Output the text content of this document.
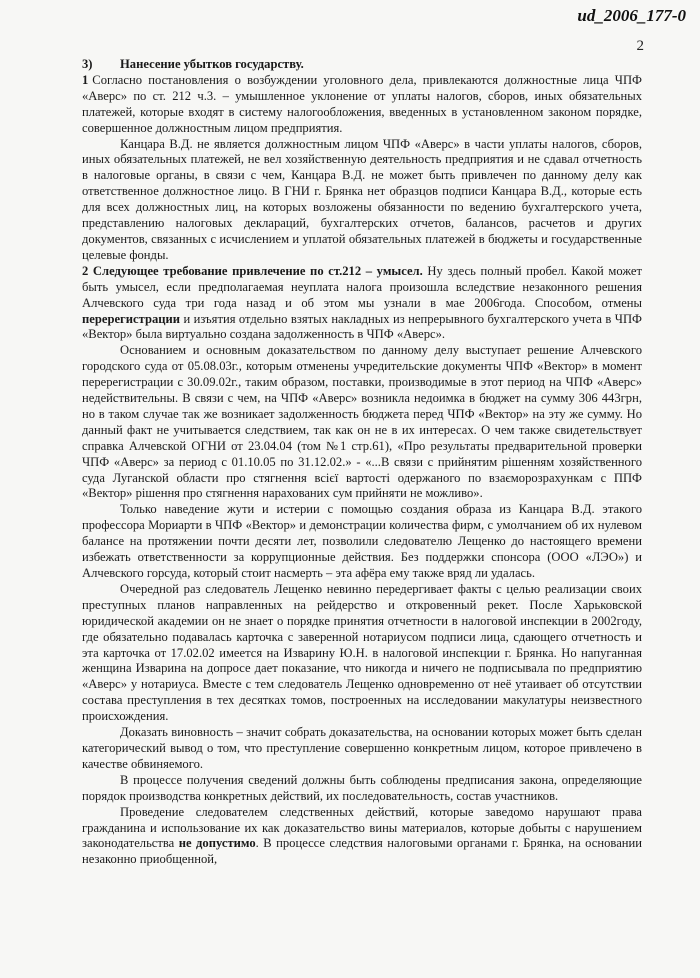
ud_2006_177-0
2

3) Нанесение убытков государству.

1 Согласно постановления о возбуждении уголовного дела, привлекаются должностные лица ЧПФ «Аверс» по ст. 212 ч.3. – умышленное уклонение от уплаты налогов, сборов, иных обязательных платежей, которые входят в систему налогообложения, введенных в установленном законом порядке, совершенное должностным лицом предприятия.

Канцара В.Д. не является должностным лицом ЧПФ «Аверс» в части уплаты налогов, сборов, иных обязательных платежей, не вел хозяйственную деятельность предприятия и не сдавал отчетность в налоговые органы, в связи с чем, Канцара В.Д. не может быть привлечен по данному делу как ответственное должностное лицо. В ГНИ г. Брянка нет образцов подписи Канцара В.Д., которые есть для всех должностных лиц, на которых возложены обязанности по ведению бухгалтерского учета, представлению налоговых деклараций, бухгалтерских отчетов, балансов, расчетов и других документов, связанных с исчислением и уплатой обязательных платежей в бюджеты и государственные целевые фонды.

2 Следующее требование привлечение по ст.212 – умысел. Ну здесь полный пробел. Какой может быть умысел, если предполагаемая неуплата налога произошла вследствие незаконного решения Алчевского суда три года назад и об этом мы узнали в мае 2006года. Способом, отмены перерегистрации и изъятия отдельно взятых накладных из непрерывного бухгалтерского учета в ЧПФ «Вектор» была виртуально создана задолженность в ЧПФ «Аверс».

Основанием и основным доказательством по данному делу выступает решение Алчевского городского суда от 05.08.03г., которым отменены учредительские документы ЧПФ «Вектор» в момент перерегистрации с 30.09.02г., таким образом, поставки, производимые в этот период на ЧПФ «Аверс» недействительны. В связи с чем, на ЧПФ «Аверс» возникла недоимка в бюджет на сумму 306 443грн, но в таком случае так же возникает задолженность бюджета перед ЧПФ «Вектор» на эту же сумму. Но данный факт не учитывается следствием, так как он не в их интересах. О чем также свидетельствует справка Алчевской ОГНИ от 23.04.04 (том №1 стр.61), «Про результаты предварительной проверки ЧПФ «Аверс» за период с 01.10.05 по 31.12.02.» - «...В связи с прийнятим рішенням хозяйственного суда Луганской области про стягнення всієї вартості одержаного по взаєморозрахункам с ППФ «Вектор» рішення про стягнення нарахованих сум прийняти не можливо».

Только наведение жути и истерии с помощью создания образа из Канцара В.Д. этакого профессора Мориарти в ЧПФ «Вектор» и демонстрации количества фирм, с умолчанием об их нулевом балансе на протяжении почти десяти лет, позволили следователю Лещенко до настоящего времени избежать ответственности за коррупционные действия. Без поддержки спонсора (ООО «ЛЭО») и Алчевского горсуда, который стоит насмерть – эта афёра ему также вряд ли удалась.

Очередной раз следователь Лещенко невинно передергивает факты с целью реализации своих преступных планов направленных на рейдерство и откровенный рекет. После Харьковской юридической академии он не знает о порядке принятия отчетности в налоговой инспекции в 2002году, где обязательно подавалась карточка с заверенной нотариусом подписи лица, сдающего отчетность и эта карточка от 17.02.02 имеется на Изварину Ю.Н. в налоговой инспекции г. Брянка. Но напуганная женщина Изварина на допросе дает показание, что никогда и ничего не подписывала по предприятию «Аверс» у нотариуса. Вместе с тем следователь Лещенко одновременно от неё утаивает об отсутствии состава преступления в тех десятках томов, построенных на исследовании макулатуры неизвестного происхождения.

Доказать виновность – значит собрать доказательства, на основании которых может быть сделан категорический вывод о том, что преступление совершенно конкретным лицом, которое привлечено в качестве обвиняемого.

В процессе получения сведений должны быть соблюдены предписания закона, определяющие порядок производства конкретных действий, их последовательность, состав участников.

Проведение следователем следственных действий, которые заведомо нарушают права гражданина и использование их как доказательство вины материалов, которые добыты с нарушением законодательства не допустимо. В процессе следствия налоговыми органами г. Брянка, на основании незаконно приобщенной,
